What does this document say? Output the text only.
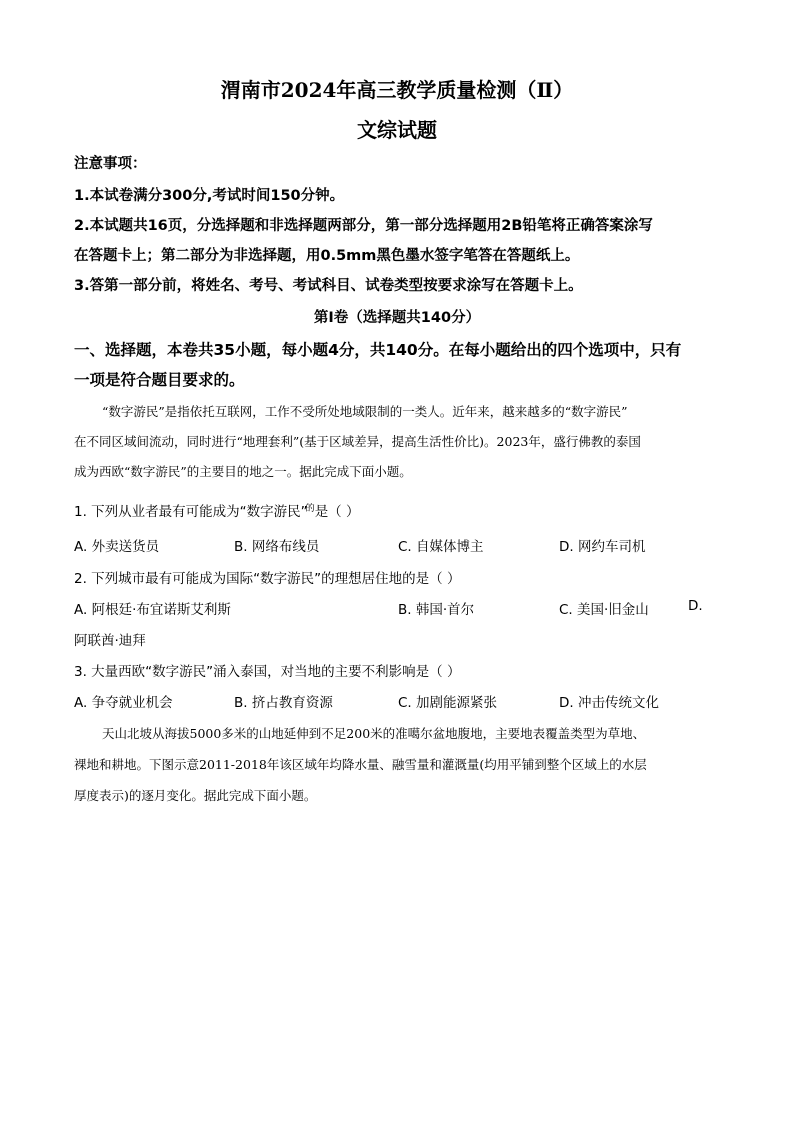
渭南市2024年高三教学质量检测（Ⅱ）
文综试题
注意事项：
1.本试卷满分300分,考试时间150分钟。
2.本试题共16页，分选择题和非选择题两部分，第一部分选择题用2B铅笔将正确答案涂写
在答题卡上；第二部分为非选择题，用0.5mm黑色墨水签字笔答在答题纸上。
3.答第一部分前，将姓名、考号、考试科目、试卷类型按要求涂写在答题卡上。
第Ⅰ卷（选择题共140分）
一、选择题，本卷共35小题，每小题4分，共140分。在每小题给出的四个选项中，只有
一项是符合题目要求的。
“数字游民”是指依托互联网，工作不受所处地域限制的一类人。近年来，越来越多的“数字游民”
在不同区域间流动，同时进行“地理套利”(基于区域差异，提高生活性价比)。2023年，盛行佛教的泰国
成为西欧“数字游民”的主要目的地之一。据此完成下面小题。
1. 下列从业者最有可能成为“数字游民”$^的$是（ ）
A. 外卖送货员	B. 网络布线员	C. 自媒体博主	D. 网约车司机
2. 下列城市最有可能成为国际“数字游民”的理想居住地的是（ ）
A. 阿根廷·布宜诺斯艾利斯	B. 韩国·首尔	C. 美国·旧金山	D.
阿联酋·迪拜
3. 大量西欧“数字游民”涌入泰国，对当地的主要不利影响是（ ）
A. 争夺就业机会	B. 挤占教育资源	C. 加剧能源紧张	D. 冲击传统文化
天山北坡从海拔5000多米的山地延伸到不足200米的准噶尔盆地腹地，主要地表覆盖类型为草地、
裸地和耕地。下图示意2011-2018年该区域年均降水量、融雪量和灌溉量(均用平铺到整个区域上的水层
厚度表示)的逐月变化。据此完成下面小题。
